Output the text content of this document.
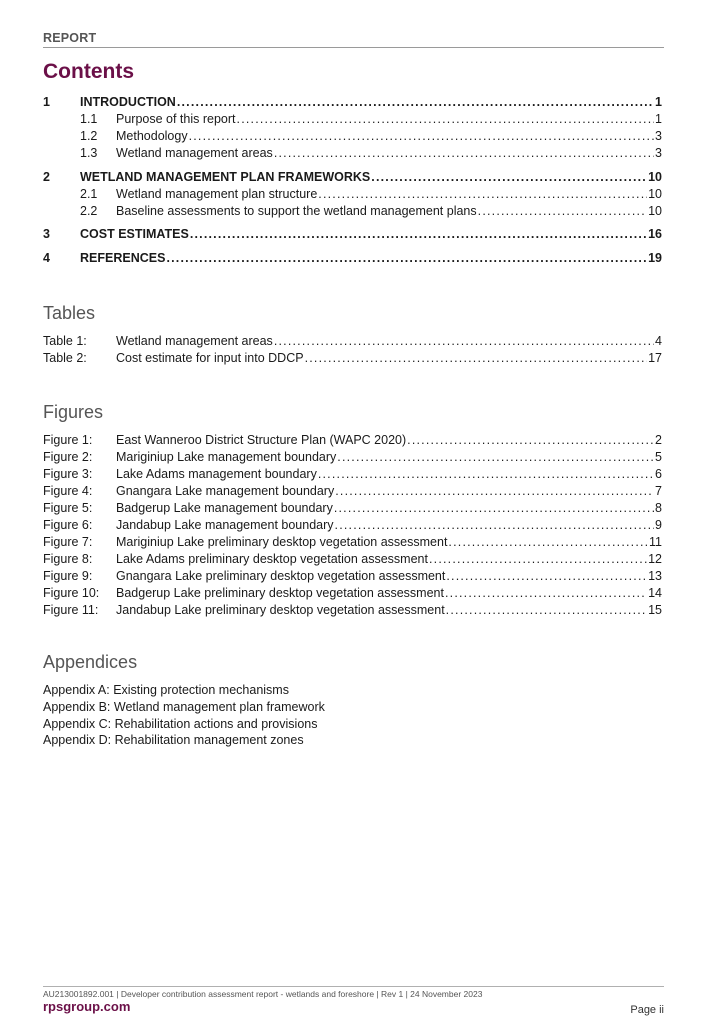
REPORT
Contents
1	INTRODUCTION .....	1
1.1	Purpose of this report .....	1
1.2	Methodology .....	3
1.3	Wetland management areas .....	3
2	WETLAND MANAGEMENT PLAN FRAMEWORKS .....	10
2.1	Wetland management plan structure .....	10
2.2	Baseline assessments to support the wetland management plans .....	10
3	COST ESTIMATES .....	16
4	REFERENCES .....	19
Tables
Table 1:	Wetland management areas .....	4
Table 2:	Cost estimate for input into DDCP .....	17
Figures
Figure 1:	East Wanneroo District Structure Plan (WAPC 2020) .....	2
Figure 2:	Mariginiup Lake management boundary .....	5
Figure 3:	Lake Adams management boundary .....	6
Figure 4:	Gnangara Lake management boundary .....	7
Figure 5:	Badgerup Lake management boundary .....	8
Figure 6:	Jandabup Lake management boundary .....	9
Figure 7:	Mariginiup Lake preliminary desktop vegetation assessment .....	11
Figure 8:	Lake Adams preliminary desktop vegetation assessment .....	12
Figure 9:	Gnangara Lake preliminary desktop vegetation assessment .....	13
Figure 10:	Badgerup Lake preliminary desktop vegetation assessment .....	14
Figure 11:	Jandabup Lake preliminary desktop vegetation assessment .....	15
Appendices
Appendix A: Existing protection mechanisms
Appendix B: Wetland management plan framework
Appendix C: Rehabilitation actions and provisions
Appendix D: Rehabilitation management zones
AU213001892.001 | Developer contribution assessment report - wetlands and foreshore | Rev 1 | 24 November 2023
rpsgroup.com	Page ii
